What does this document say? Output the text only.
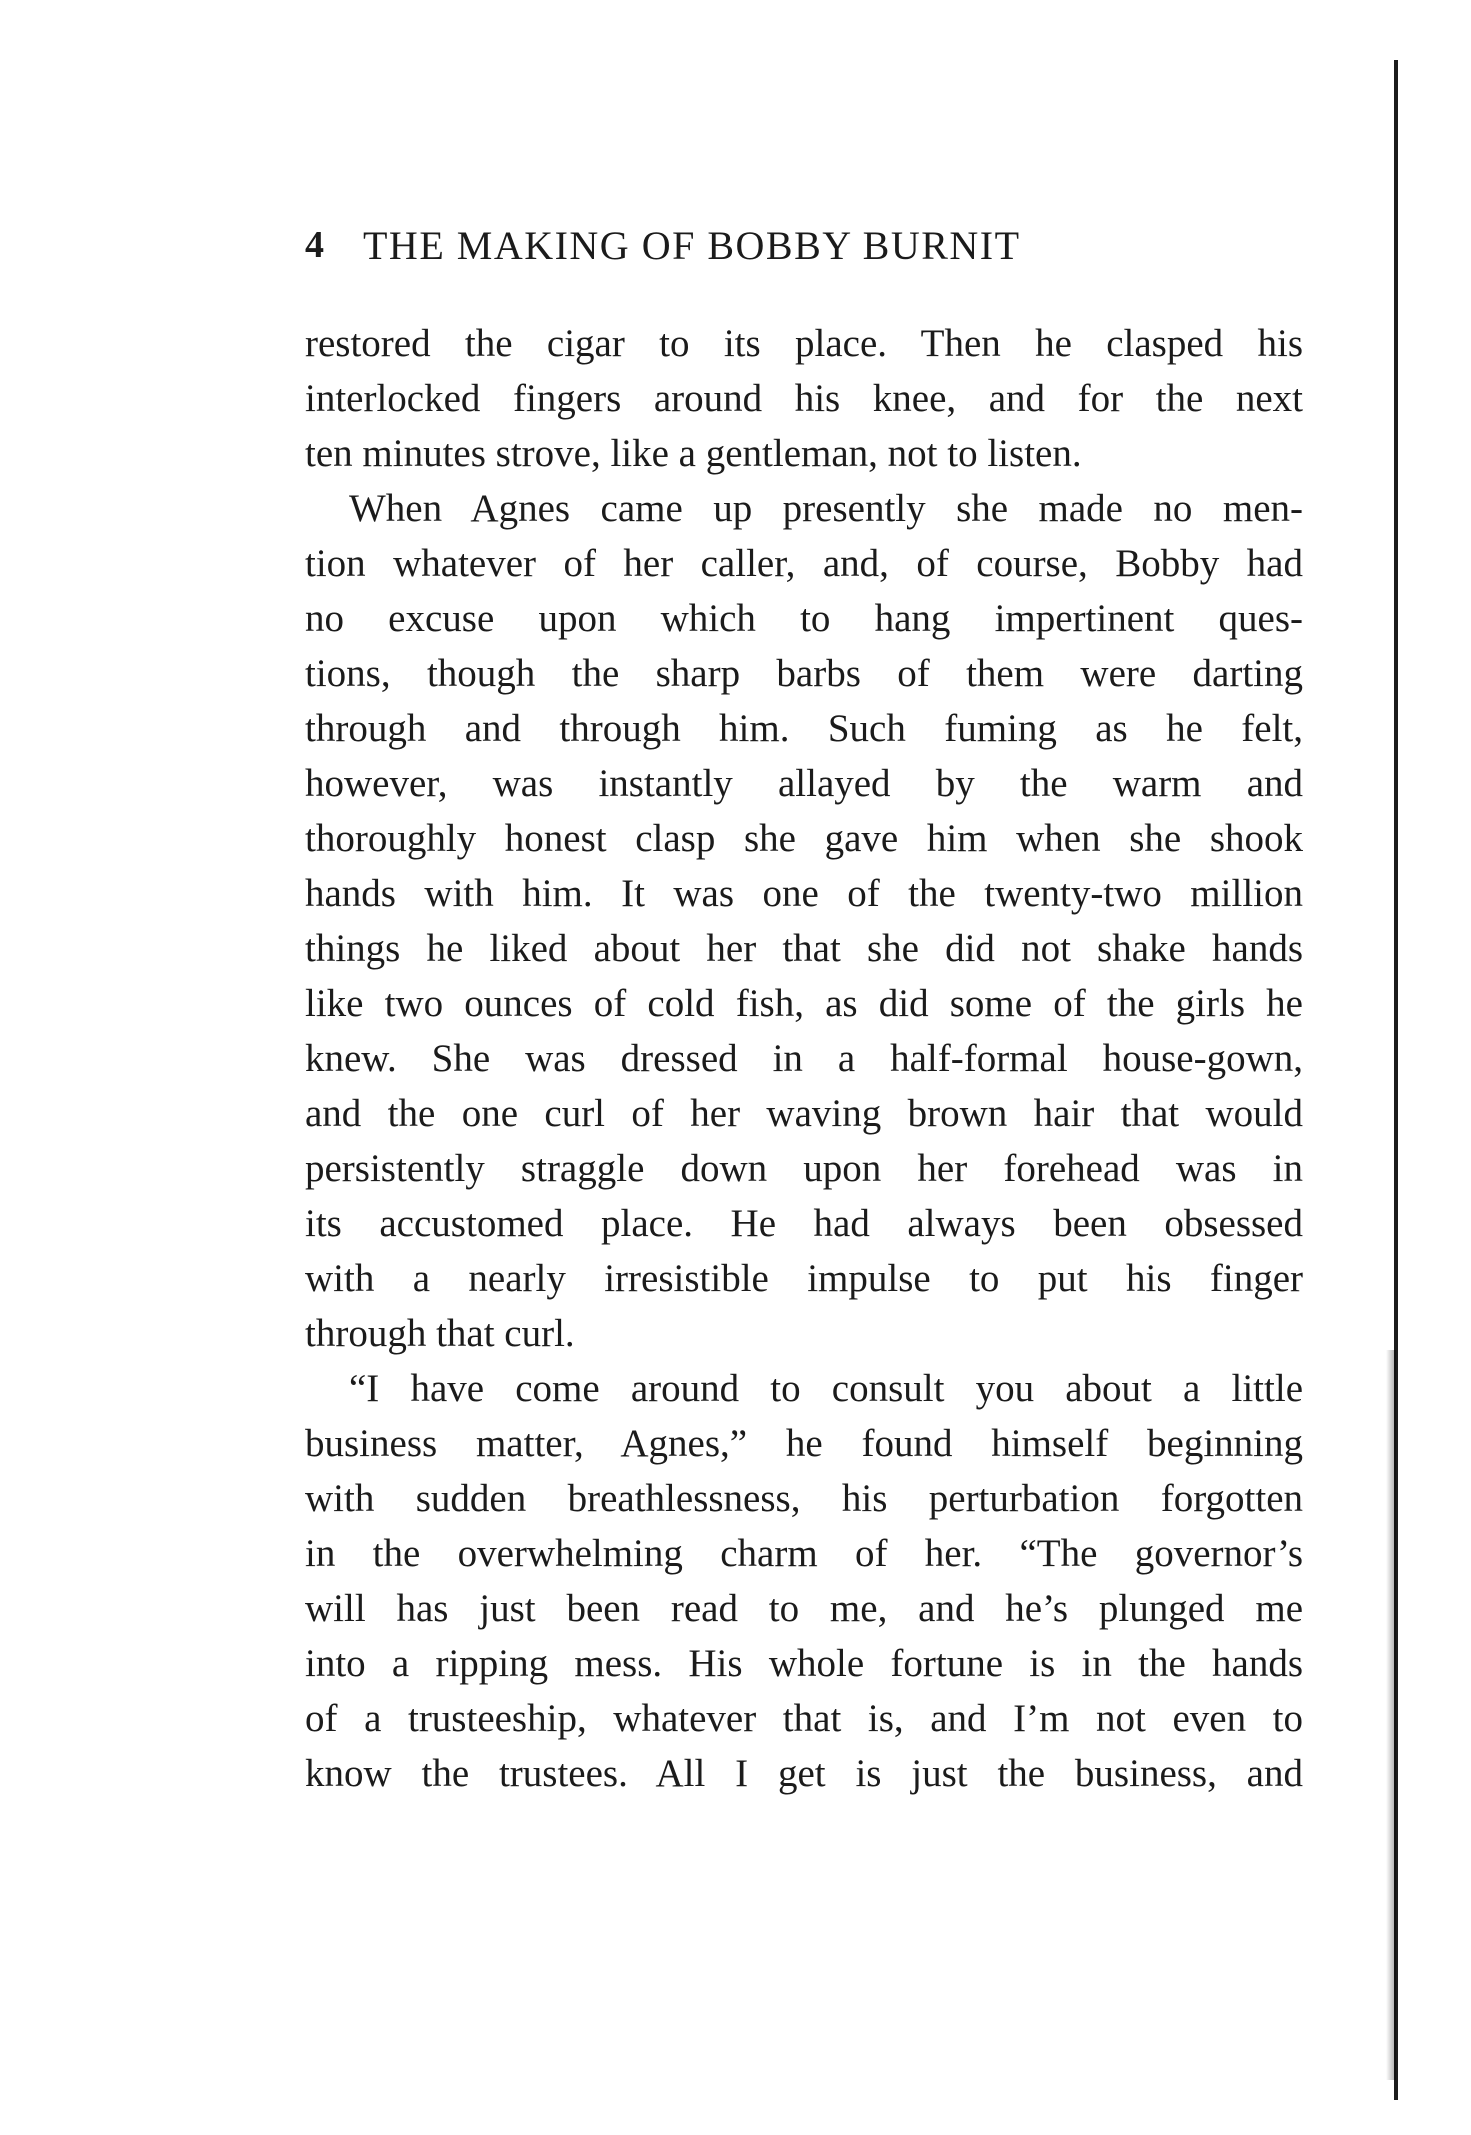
4 THE MAKING OF BOBBY BURNIT
restored the cigar to its place. Then he clasped his
interlocked fingers around his knee, and for the next
ten minutes strove, like a gentleman, not to listen.
When Agnes came up presently she made no men-
tion whatever of her caller, and, of course, Bobby had
no excuse upon which to hang impertinent ques-
tions, though the sharp barbs of them were darting
through and through him. Such fuming as he felt,
however, was instantly allayed by the warm and
thoroughly honest clasp she gave him when she shook
hands with him. It was one of the twenty-two million
things he liked about her that she did not shake hands
like two ounces of cold fish, as did some of the girls he
knew. She was dressed in a half-formal house-gown,
and the one curl of her waving brown hair that would
persistently straggle down upon her forehead was in
its accustomed place. He had always been obsessed
with a nearly irresistible impulse to put his finger
through that curl.
“I have come around to consult you about a little
business matter, Agnes,” he found himself beginning
with sudden breathlessness, his perturbation forgotten
in the overwhelming charm of her. “The governor’s
will has just been read to me, and he’s plunged me
into a ripping mess. His whole fortune is in the hands
of a trusteeship, whatever that is, and I’m not even to
know the trustees. All I get is just the business, and
